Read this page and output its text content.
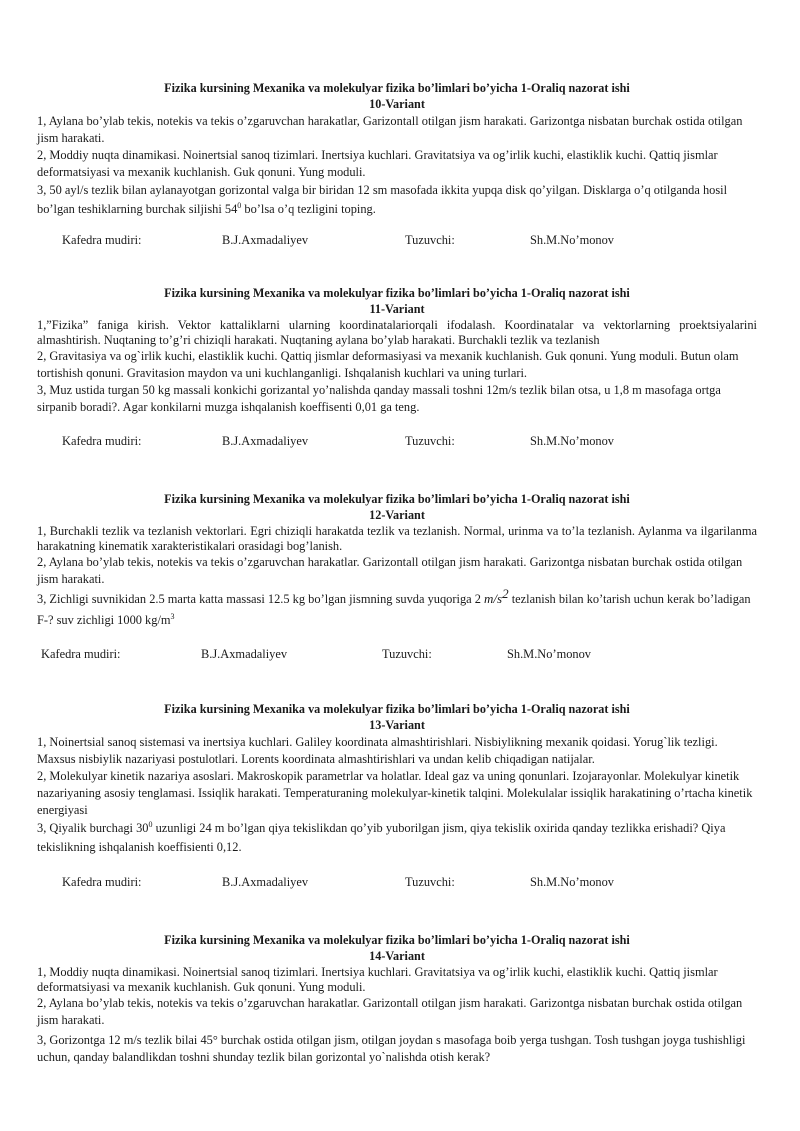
Fizika kursining Mexanika va molekulyar fizika bo’limlari bo’yicha 1-Oraliq nazorat ishi
10-Variant

1, Aylana bo’ylab tekis, notekis va tekis o’zgaruvchan harakatlar, Garizontall otilgan jism harakati. Garizontga nisbatan burchak ostida otilgan jism harakati.

2, Moddiy nuqta dinamikasi. Noinertsial sanoq tizimlari. Inertsiya kuchlari. Gravitatsiya va og’irlik kuchi, elastiklik kuchi. Qattiq jismlar deformatsiyasi va mexanik kuchlanish. Guk qonuni. Yung moduli.

3, 50 ayl/s tezlik bilan aylanayotgan gorizontal valga bir biridan 12 sm masofada ikkita yupqa disk qo’yilgan. Disklarga o’q otilganda hosil bo’lgan teshiklarning burchak siljishi $54^0$ bo’lsa o’q tezligini toping.

Kafedra mudiri:	B.J.Axmadaliyev	Tuzuvchi:	Sh.M.No’monov
Fizika kursining Mexanika va molekulyar fizika bo’limlari bo’yicha 1-Oraliq nazorat ishi
11-Variant

1,”Fizika” faniga kirish. Vektor kattaliklarni ularning koordinatalariorqali ifodalash. Koordinatalar va vektorlarning proektsiyalarini almashtirish. Nuqtaning to’g’ri chiziqli harakati. Nuqtaning aylana bo’ylab harakati. Burchakli tezlik va tezlanish

2, Gravitasiya va og`irlik kuchi, elastiklik kuchi. Qattiq jismlar deformasiyasi va mexanik kuchlanish. Guk qonuni. Yung moduli. Butun olam tortishish qonuni. Gravitasion maydon va uni kuchlanganligi. Ishqalanish kuchlari va uning turlari.

3, Muz ustida turgan 50 kg massali konkichi gorizantal yo’nalishda qanday massali toshni 12m/s tezlik bilan otsa, u 1,8 m masofaga ortga sirpanib boradi?. Agar konkilarni muzga ishqalanish koeffisenti 0,01 ga teng.

Kafedra mudiri:	B.J.Axmadaliyev	Tuzuvchi:	Sh.M.No’monov
Fizika kursining Mexanika va molekulyar fizika bo’limlari bo’yicha 1-Oraliq nazorat ishi
12-Variant

1, Burchakli tezlik va tezlanish vektorlari. Egri chiziqli harakatda tezlik va tezlanish. Normal, urinma va to’la tezlanish. Aylanma va ilgarilanma harakatning kinematik xarakteristikalari orasidagi bog’lanish.

2, Aylana bo’ylab tekis, notekis va tekis o’zgaruvchan harakatlar. Garizontall otilgan jism harakati. Garizontga nisbatan burchak ostida otilgan jism harakati.

3, Zichligi suvnikidan 2.5 marta katta massasi 12.5 kg bo’lgan jismning suvda yuqoriga 2 $m/s^2$ tezlanish bilan ko’tarish uchun kerak bo’ladigan F-? suv zichligi 1000 $kg/m^3$

Kafedra mudiri:	B.J.Axmadaliyev	Tuzuvchi:	Sh.M.No’monov
Fizika kursining Mexanika va molekulyar fizika bo’limlari bo’yicha 1-Oraliq nazorat ishi
13-Variant

1, Noinertsial sanoq sistemasi va inertsiya kuchlari. Galiley koordinata almashtirishlari. Nisbiylikning mexanik qoidasi. Yorug`lik tezligi. Maxsus nisbiylik nazariyasi postulotlari. Lorents koordinata almashtirishlari va undan kelib chiqadigan natijalar.

2, Molekulyar kinetik nazariya asoslari. Makroskopik parametrlar va holatlar. Ideal gaz va uning qonunlari. Izojarayonlar. Molekulyar kinetik nazariyaning asosiy tenglamasi. Issiqlik harakati. Temperaturaning molekulyar-kinetik talqini. Molekulalar issiqlik harakatining o’rtacha kinetik energiyasi

3, Qiyalik burchagi $30^0$ uzunligi 24 m bo’lgan qiya tekislikdan qo’yib yuborilgan jism, qiya tekislik oxirida qanday tezlikka erishadi? Qiya tekislikning ishqalanish koeffisienti 0,12.

Kafedra mudiri:	B.J.Axmadaliyev	Tuzuvchi:	Sh.M.No’monov
Fizika kursining Mexanika va molekulyar fizika bo’limlari bo’yicha 1-Oraliq nazorat ishi
14-Variant

1, Moddiy nuqta dinamikasi. Noinertsial sanoq tizimlari. Inertsiya kuchlari. Gravitatsiya va og’irlik kuchi, elastiklik kuchi. Qattiq jismlar deformatsiyasi va mexanik kuchlanish. Guk qonuni. Yung moduli.

2, Aylana bo’ylab tekis, notekis va tekis o’zgaruvchan harakatlar. Garizontall otilgan jism harakati. Garizontga nisbatan burchak ostida otilgan jism harakati.

3, Gorizontga 12 m/s tezlik bilai 45° burchak ostida otilgan jism, otilgan joydan s masofaga boib yerga tushgan. Tosh tushgan joyga tushishligi uchun, qanday balandlikdan toshni shunday tezlik bilan gorizontal yo`nalishda otish kerak?
